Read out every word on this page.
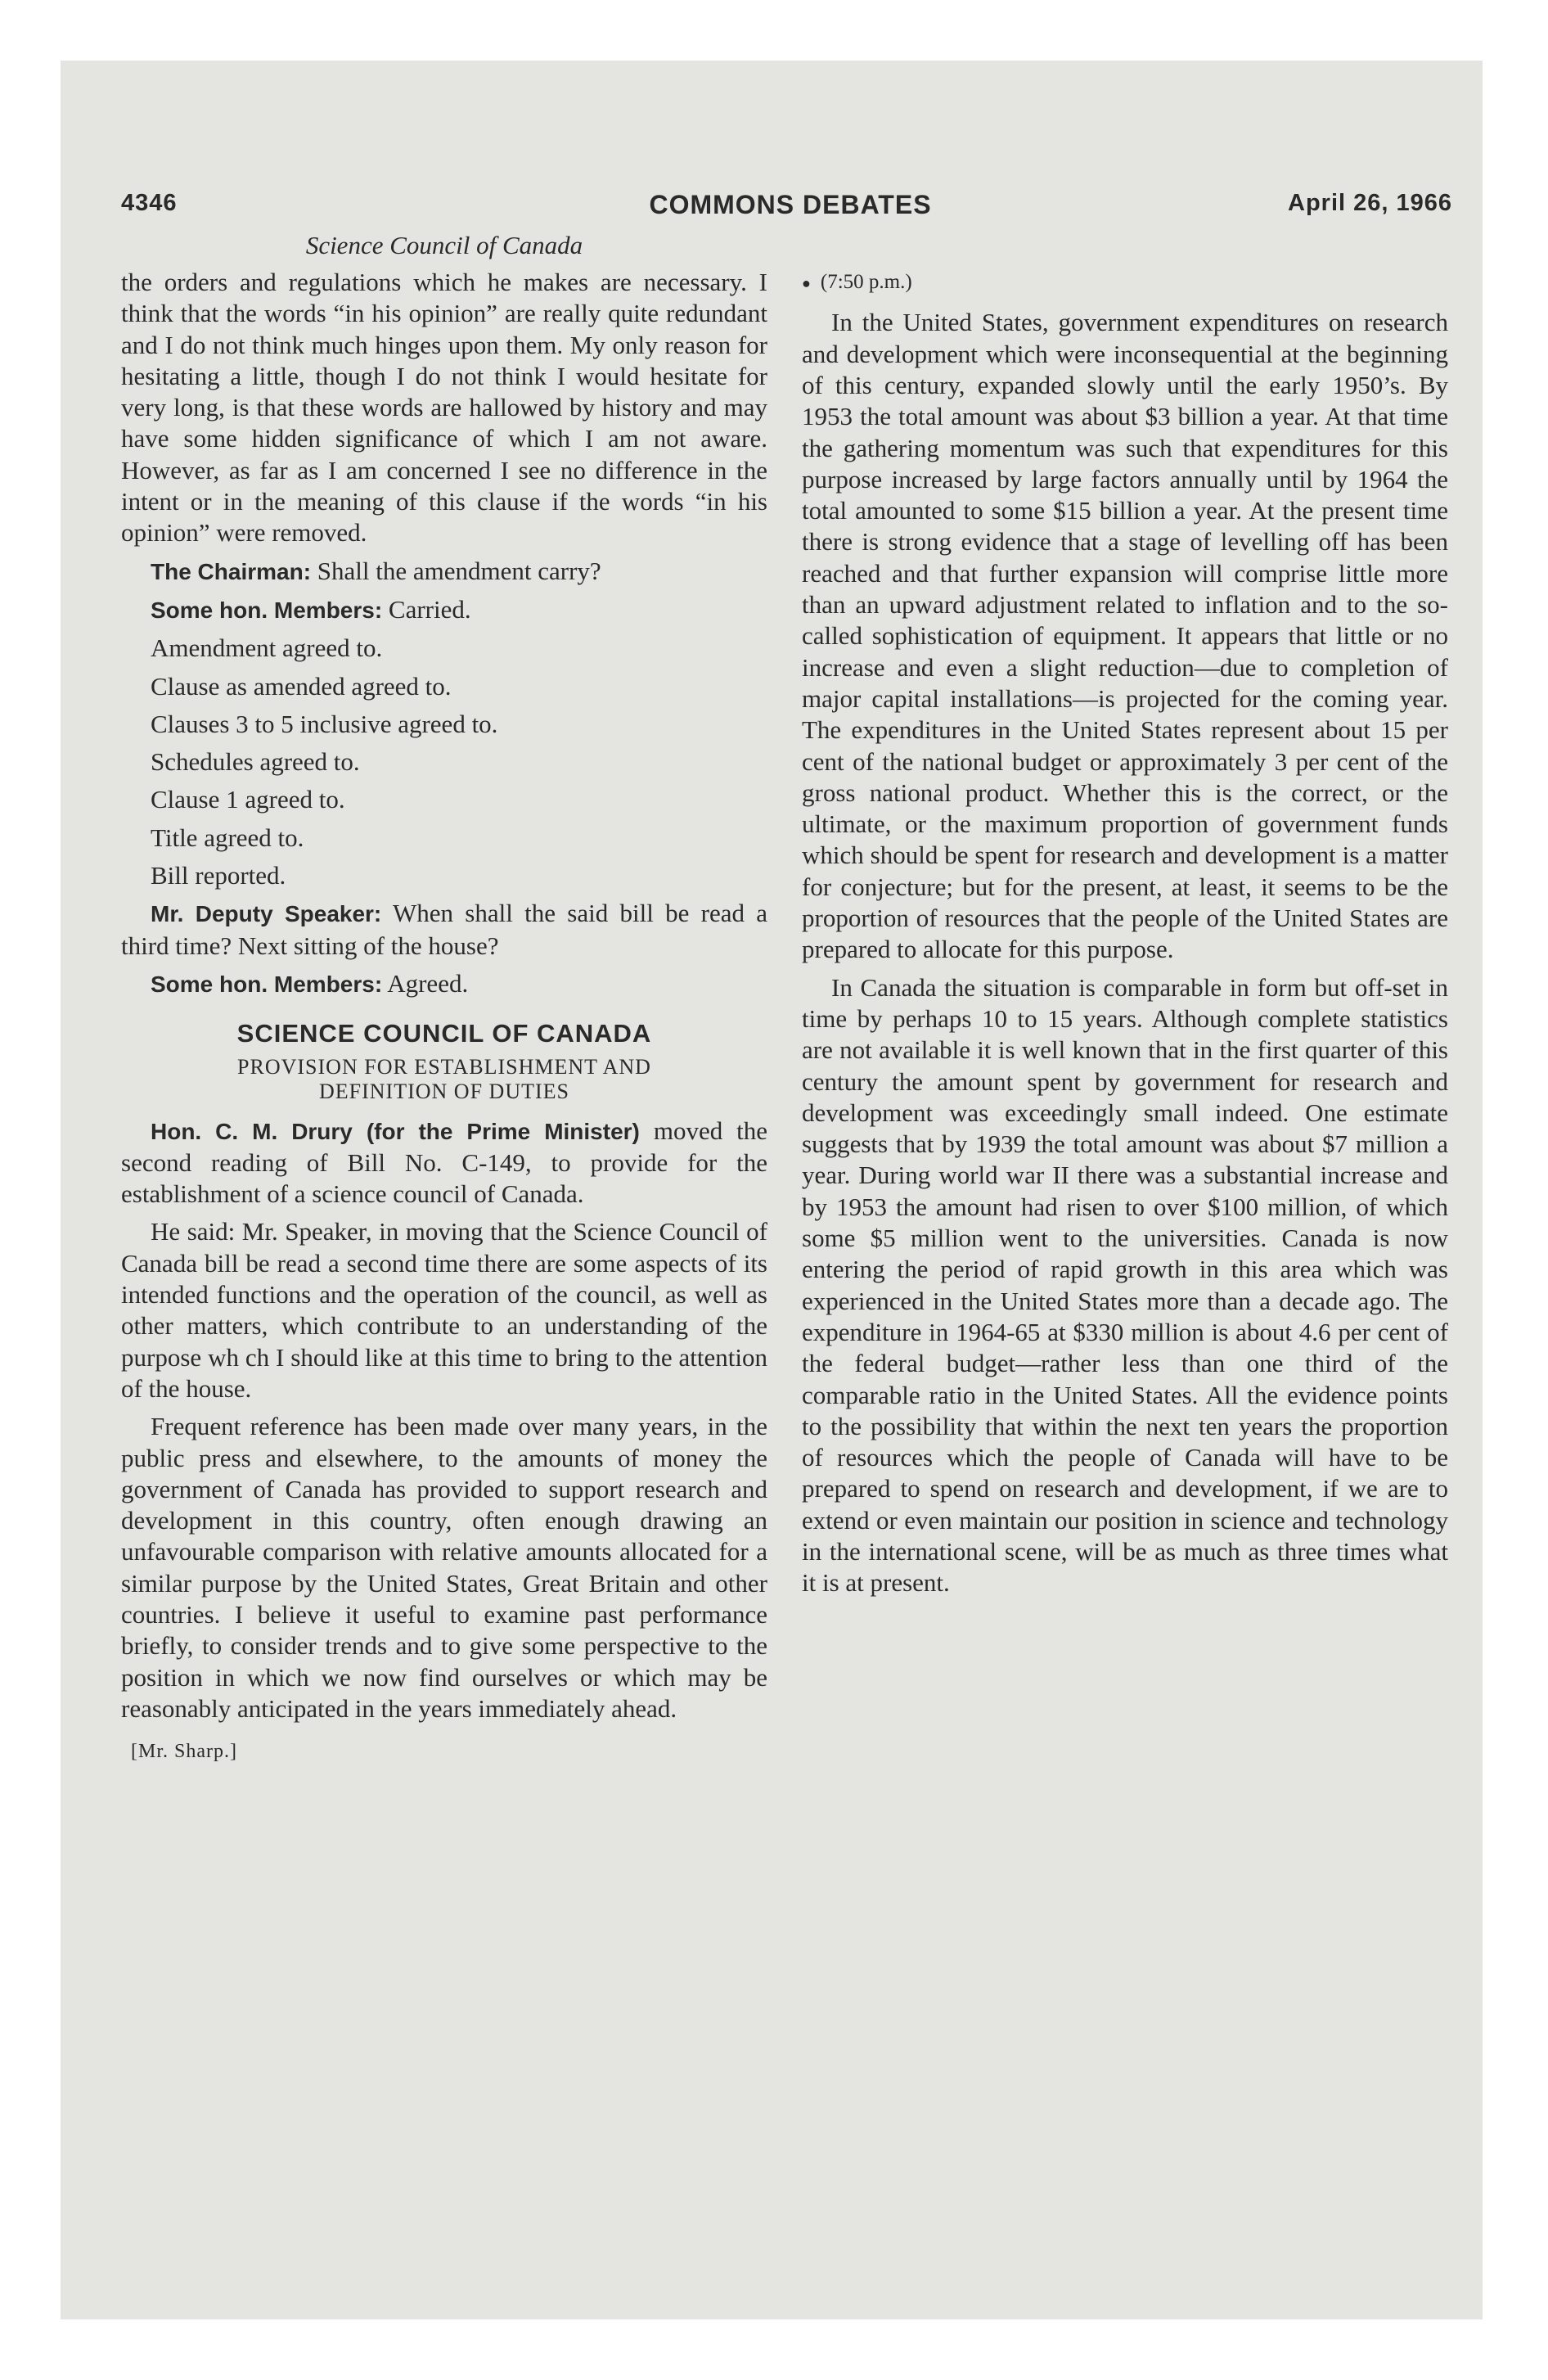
4346	COMMONS DEBATES	April 26, 1966
Science Council of Canada

the orders and regulations which he makes are necessary. I think that the words “in his opinion” are really quite redundant and I do not think much hinges upon them. My only reason for hesitating a little, though I do not think I would hesitate for very long, is that these words are hallowed by history and may have some hidden significance of which I am not aware. However, as far as I am concerned I see no difference in the intent or in the meaning of this clause if the words “in his opinion” were removed.

The Chairman: Shall the amendment carry?

Some hon. Members: Carried.

Amendment agreed to.

Clause as amended agreed to.

Clauses 3 to 5 inclusive agreed to.

Schedules agreed to.

Clause 1 agreed to.

Title agreed to.

Bill reported.

Mr. Deputy Speaker: When shall the said bill be read a third time? Next sitting of the house?

Some hon. Members: Agreed.

SCIENCE COUNCIL OF CANADA
PROVISION FOR ESTABLISHMENT AND
DEFINITION OF DUTIES

Hon. C. M. Drury (for the Prime Minister) moved the second reading of Bill No. C-149, to provide for the establishment of a science council of Canada.

He said: Mr. Speaker, in moving that the Science Council of Canada bill be read a second time there are some aspects of its intended functions and the operation of the council, as well as other matters, which contribute to an understanding of the purpose wh ch I should like at this time to bring to the attention of the house.

Frequent reference has been made over many years, in the public press and elsewhere, to the amounts of money the government of Canada has provided to support research and development in this country, often enough drawing an unfavourable comparison with relative amounts allocated for a similar purpose by the United States, Great Britain and other countries. I believe it useful to examine past performance briefly, to consider trends and to give some perspective to the position in which we now find ourselves or which may be reasonably anticipated in the years immediately ahead.

[Mr. Sharp.]
● (7:50 p.m.)

In the United States, government expenditures on research and development which were inconsequential at the beginning of this century, expanded slowly until the early 1950’s. By 1953 the total amount was about $3 billion a year. At that time the gathering momentum was such that expenditures for this purpose increased by large factors annually until by 1964 the total amounted to some $15 billion a year. At the present time there is strong evidence that a stage of levelling off has been reached and that further expansion will comprise little more than an upward adjustment related to inflation and to the so-called sophistication of equipment. It appears that little or no increase and even a slight reduction—due to completion of major capital installations—is projected for the coming year. The expenditures in the United States represent about 15 per cent of the national budget or approximately 3 per cent of the gross national product. Whether this is the correct, or the ultimate, or the maximum proportion of government funds which should be spent for research and development is a matter for conjecture; but for the present, at least, it seems to be the proportion of resources that the people of the United States are prepared to allocate for this purpose.

In Canada the situation is comparable in form but off-set in time by perhaps 10 to 15 years. Although complete statistics are not available it is well known that in the first quarter of this century the amount spent by government for research and development was exceedingly small indeed. One estimate suggests that by 1939 the total amount was about $7 million a year. During world war II there was a substantial increase and by 1953 the amount had risen to over $100 million, of which some $5 million went to the universities. Canada is now entering the period of rapid growth in this area which was experienced in the United States more than a decade ago. The expenditure in 1964-65 at $330 million is about 4.6 per cent of the federal budget—rather less than one third of the comparable ratio in the United States. All the evidence points to the possibility that within the next ten years the proportion of resources which the people of Canada will have to be prepared to spend on research and development, if we are to extend or even maintain our position in science and technology in the international scene, will be as much as three times what it is at present.
